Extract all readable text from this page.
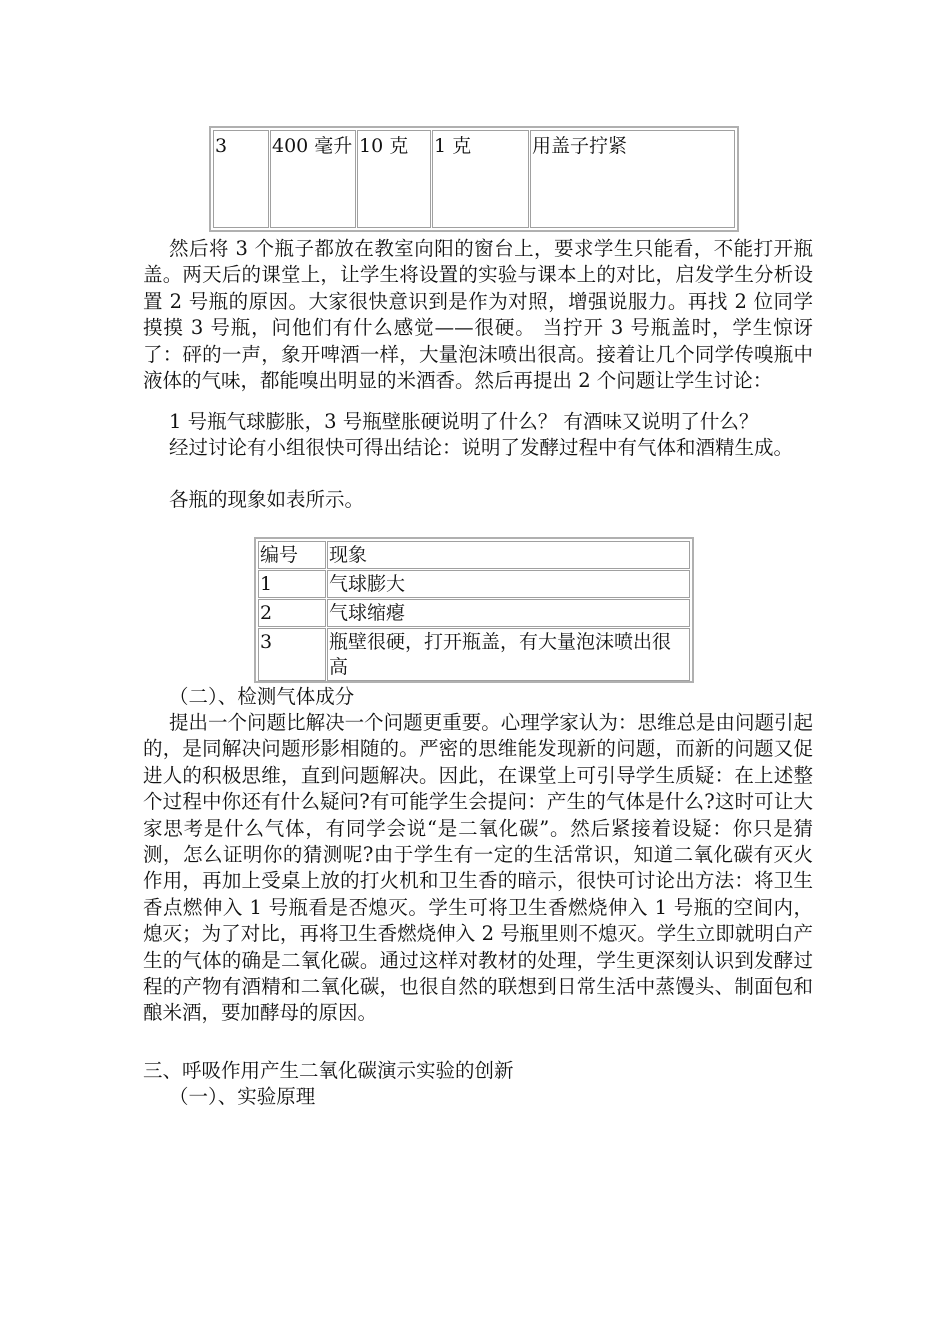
3	400 毫升	10 克	1 克	用盖子拧紧
然后将 3 个瓶子都放在教室向阳的窗台上，要求学生只能看，不能打开瓶盖。两天后的课堂上，让学生将设置的实验与课本上的对比，启发学生分析设置 2 号瓶的原因。大家很快意识到是作为对照，增强说服力。再找 2 位同学摸摸 3 号瓶，问他们有什么感觉——很硬。 当拧开 3 号瓶盖时，学生惊讶了：砰的一声，象开啤酒一样，大量泡沫喷出很高。接着让几个同学传嗅瓶中液体的气味，都能嗅出明显的米酒香。然后再提出 2 个问题让学生讨论：
1 号瓶气球膨胀，3 号瓶壁胀硬说明了什么？ 有酒味又说明了什么？
经过讨论有小组很快可得出结论：说明了发酵过程中有气体和酒精生成。
各瓶的现象如表所示。
编号	现象
1	气球膨大
2	气球缩瘪
3	瓶壁很硬，打开瓶盖，有大量泡沫喷出很高
（二）、检测气体成分
提出一个问题比解决一个问题更重要。心理学家认为：思维总是由问题引起的，是同解决问题形影相随的。严密的思维能发现新的问题，而新的问题又促进人的积极思维，直到问题解决。因此，在课堂上可引导学生质疑：在上述整个过程中你还有什么疑问?有可能学生会提问：产生的气体是什么?这时可让大家思考是什么气体，有同学会说“是二氧化碳”。然后紧接着设疑：你只是猜测，怎么证明你的猜测呢?由于学生有一定的生活常识，知道二氧化碳有灭火作用，再加上受桌上放的打火机和卫生香的暗示，很快可讨论出方法：将卫生香点燃伸入 1 号瓶看是否熄灭。学生可将卫生香燃烧伸入 1 号瓶的空间内，熄灭；为了对比，再将卫生香燃烧伸入 2 号瓶里则不熄灭。学生立即就明白产生的气体的确是二氧化碳。通过这样对教材的处理，学生更深刻认识到发酵过程的产物有酒精和二氧化碳，也很自然的联想到日常生活中蒸馒头、制面包和酿米酒，要加酵母的原因。
三、呼吸作用产生二氧化碳演示实验的创新
（一）、实验原理
